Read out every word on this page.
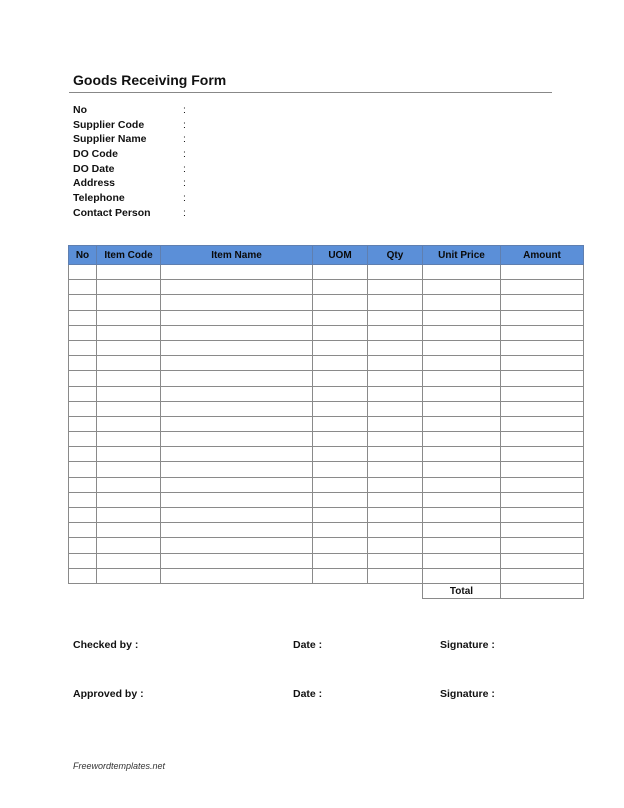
Goods Receiving Form
No	:
Supplier Code	:
Supplier Name	:
DO Code	:
DO Date	:
Address	:
Telephone	:
Contact Person	:
No	Item Code	Item Name	UOM	Qty	Unit Price	Amount

					Total	
Checked by :	Date :	Signature :
Approved by :	Date :	Signature :
Freewordtemplates.net
